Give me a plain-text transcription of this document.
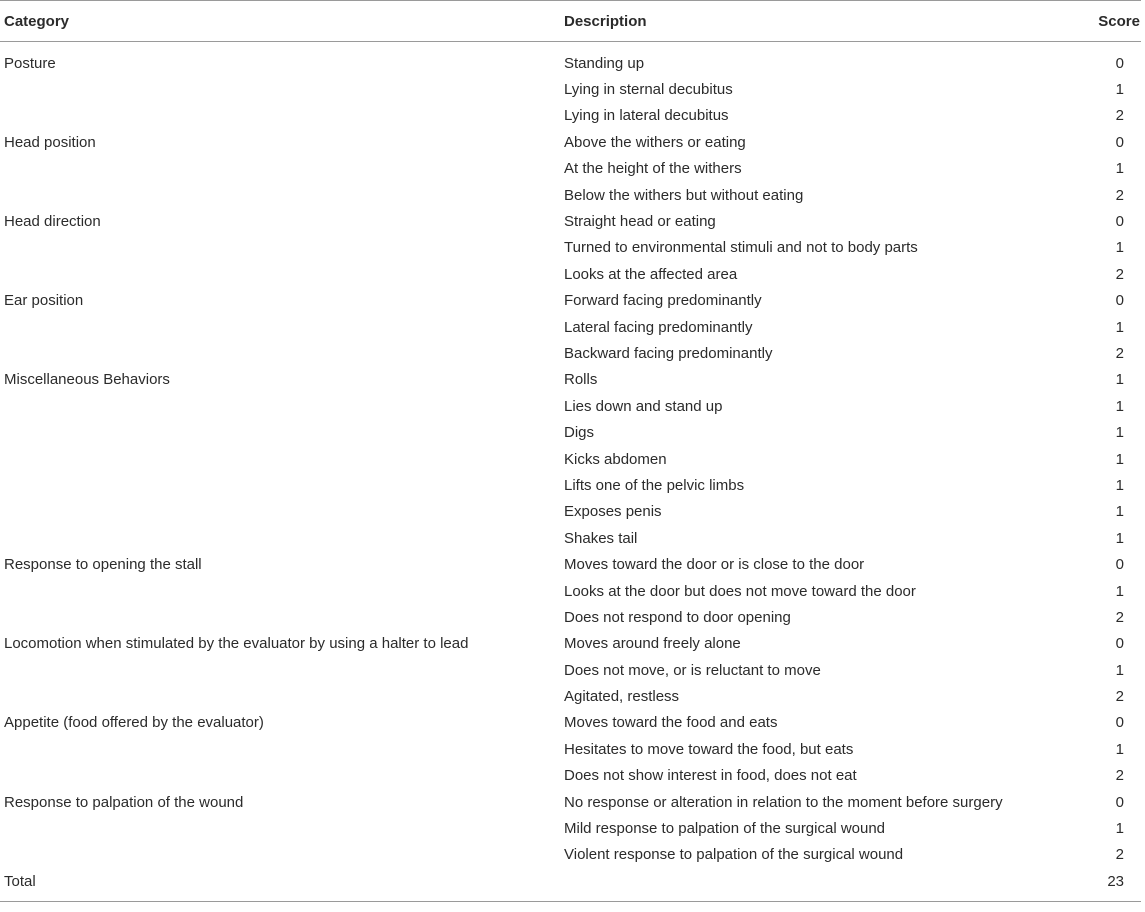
Category	Description	Score
Posture	Standing up	0
	Lying in sternal decubitus	1
	Lying in lateral decubitus	2
Head position	Above the withers or eating	0
	At the height of the withers	1
	Below the withers but without eating	2
Head direction	Straight head or eating	0
	Turned to environmental stimuli and not to body parts	1
	Looks at the affected area	2
Ear position	Forward facing predominantly	0
	Lateral facing predominantly	1
	Backward facing predominantly	2
Miscellaneous Behaviors	Rolls	1
	Lies down and stand up	1
	Digs	1
	Kicks abdomen	1
	Lifts one of the pelvic limbs	1
	Exposes penis	1
	Shakes tail	1
Response to opening the stall	Moves toward the door or is close to the door	0
	Looks at the door but does not move toward the door	1
	Does not respond to door opening	2
Locomotion when stimulated by the evaluator by using a halter to lead	Moves around freely alone	0
	Does not move, or is reluctant to move	1
	Agitated, restless	2
Appetite (food offered by the evaluator)	Moves toward the food and eats	0
	Hesitates to move toward the food, but eats	1
	Does not show interest in food, does not eat	2
Response to palpation of the wound	No response or alteration in relation to the moment before surgery	0
	Mild response to palpation of the surgical wound	1
	Violent response to palpation of the surgical wound	2
Total		23
